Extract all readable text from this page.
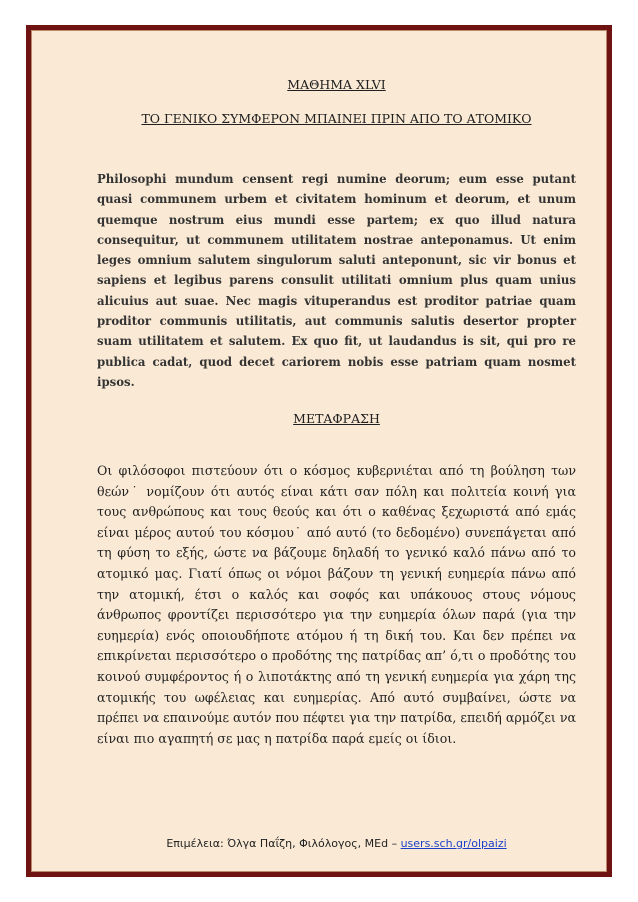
ΜΑΘΗΜΑ XLVI
ΤΟ ΓΕΝΙΚΟ ΣΥΜΦΕΡΟΝ ΜΠΑΙΝΕΙ ΠΡΙΝ ΑΠΟ ΤΟ ΑΤΟΜΙΚΟ

Philosophi mundum censent regi numine deorum; eum esse putant quasi communem urbem et civitatem hominum et deorum, et unum quemque nostrum eius mundi esse partem; ex quo illud natura consequitur, ut communem utilitatem nostrae anteponamus. Ut enim leges omnium salutem singulorum saluti anteponunt, sic vir bonus et sapiens et legibus parens consulit utilitati omnium plus quam unius alicuius aut suae. Nec magis vituperandus est proditor patriae quam proditor communis utilitatis, aut communis salutis desertor propter suam utilitatem et salutem. Ex quo fit, ut laudandus is sit, qui pro re publica cadat, quod decet cariorem nobis esse patriam quam nosmet ipsos.

ΜΕΤΑΦΡΑΣΗ

Οι φιλόσοφοι πιστεύουν ότι ο κόσμος κυβερνιέται από τη βούληση των θεών˙ νομίζουν ότι αυτός είναι κάτι σαν πόλη και πολιτεία κοινή για τους ανθρώπους και τους θεούς και ότι ο καθένας ξεχωριστά από εμάς είναι μέρος αυτού του κόσμου˙ από αυτό (το δεδομένο) συνεπάγεται από τη φύση το εξής, ώστε να βάζουμε δηλαδή το γενικό καλό πάνω από το ατομικό μας. Γιατί όπως οι νόμοι βάζουν τη γενική ευημερία πάνω από την ατομική, έτσι ο καλός και σοφός και υπάκουος στους νόμους άνθρωπος φροντίζει περισσότερο για την ευημερία όλων παρά (για την ευημερία) ενός οποιουδήποτε ατόμου ή τη δική του. Και δεν πρέπει να επικρίνεται περισσότερο ο προδότης της πατρίδας απ’ ό,τι ο προδότης του κοινού συμφέροντος ή ο λιποτάκτης από τη γενική ευημερία για χάρη της ατομικής του ωφέλειας και ευημερίας. Από αυτό συμβαίνει, ώστε να πρέπει να επαινούμε αυτόν που πέφτει για την πατρίδα, επειδή αρμόζει να είναι πιο αγαπητή σε μας η πατρίδα παρά εμείς οι ίδιοι.

Επιμέλεια: Όλγα Παΐζη, Φιλόλογος, MEd – users.sch.gr/olpaizi
